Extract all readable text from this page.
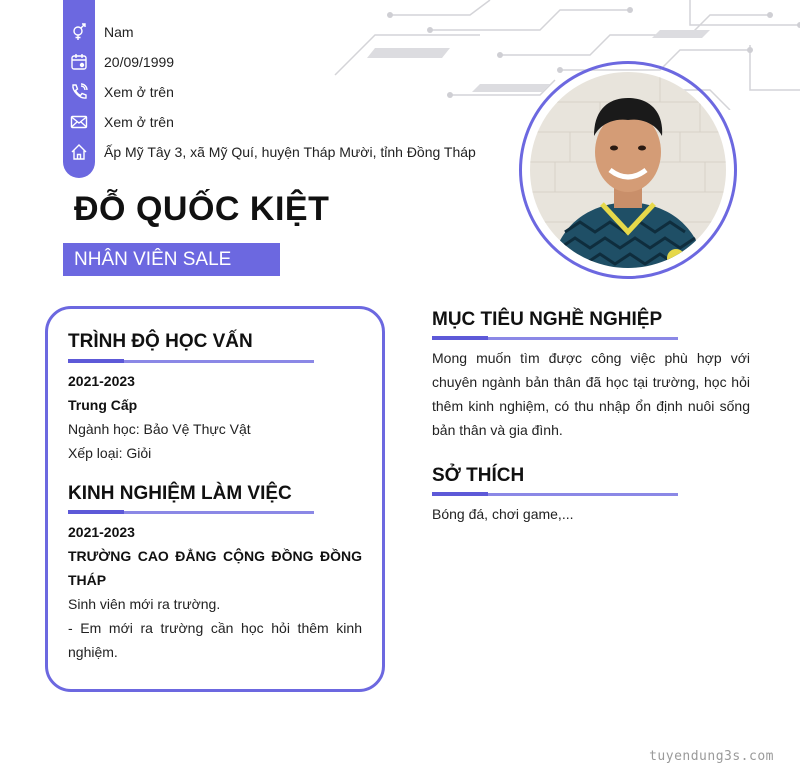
Nam
20/09/1999
Xem ở trên
Xem ở trên
Ấp Mỹ Tây 3, xã Mỹ Quí, huyện Tháp Mười, tỉnh Đồng Tháp
ĐỖ QUỐC KIỆT
NHÂN VIÊN SALE
TRÌNH ĐỘ HỌC VẤN
2021-2023
Trung Cấp
Ngành học: Bảo Vệ Thực Vật
Xếp loại: Giỏi
KINH NGHIỆM LÀM VIỆC
2021-2023
TRƯỜNG CAO ĐẲNG CỘNG ĐỒNG ĐỒNG
THÁP
Sinh viên mới ra trường.
- Em mới ra trường cần học hỏi thêm kinh
nghiệm.
MỤC TIÊU NGHỀ NGHIỆP
Mong muốn tìm được công việc phù hợp với
chuyên ngành bản thân đã học tại trường, học hỏi
thêm kinh nghiệm, có thu nhập ổn định nuôi sống
bản thân và gia đình.
SỞ THÍCH
Bóng đá, chơi game,...
tuyendung3s.com
